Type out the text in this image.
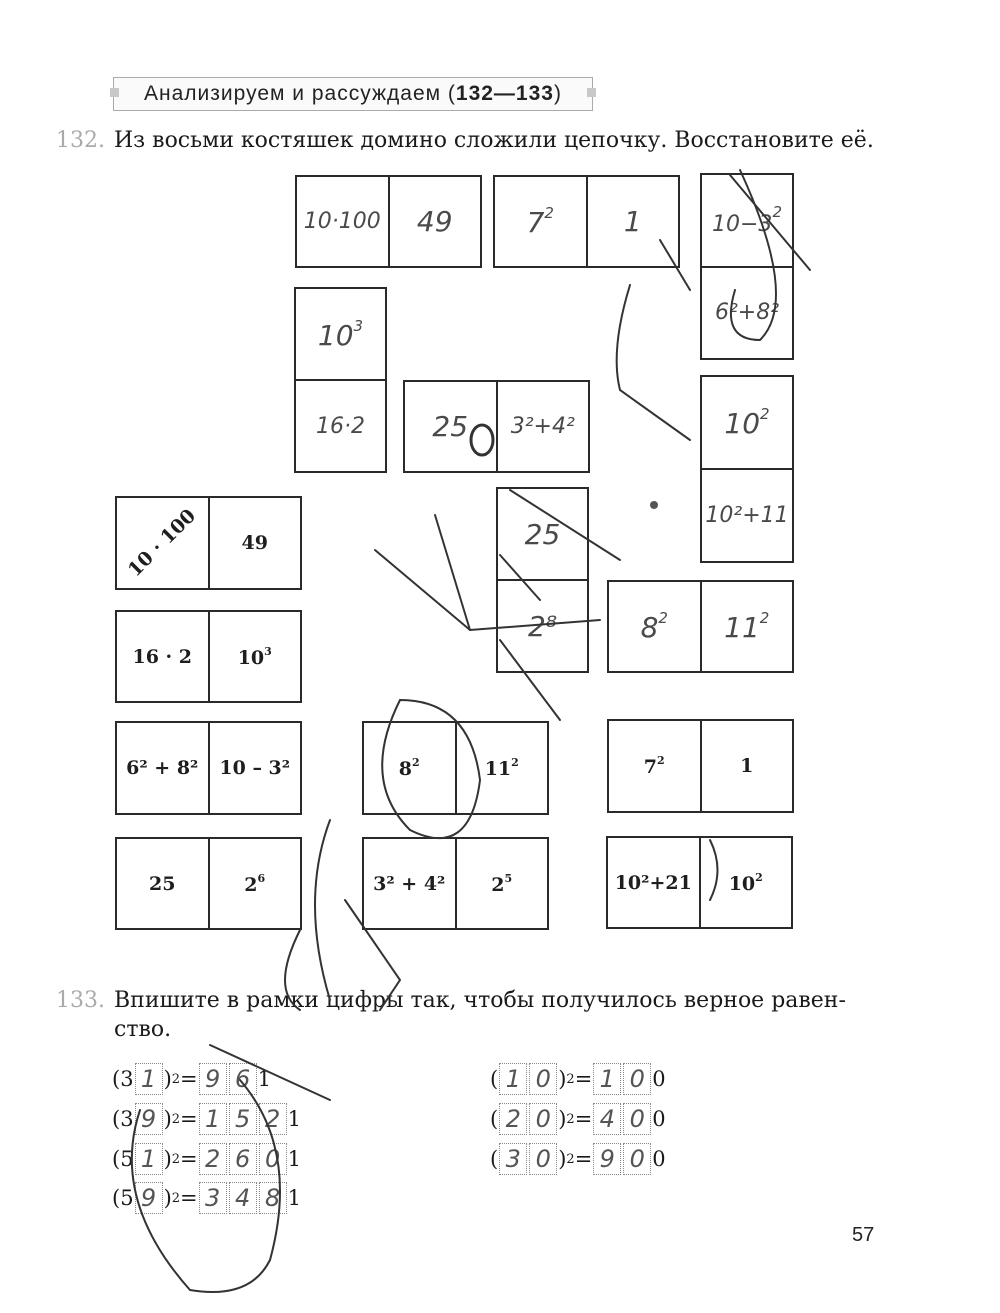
Анализируем и рассуждаем (132—133)
132. Из восьми костяшек домино сложили цепочку. Восстановите её.
10·100 49	$7^2$ 1	$10-3^2$
6²+8²
$10^3$
16·2 25 3²+4²	$10^2$
10²+11
25
2⁸	$8^2$ $11^2$
10 · 100 49
16 · 2 $10^3$
6² + 8² 10 – 3²
25	$2^6$
$8^2$	$11^2$
3² + 4² $2^5$
$7^2$	1
10²+21 $10^2$
133. Впишите в рамки цифры так, чтобы получилось верное равен-
ство.
(3 1 ) 2 = 9 6 1
(3 9 ) 2 = 1 5 2 1
(5 1 ) 2 = 2 6 0 1
(5 9 ) 2 = 3 4 8 1
( 1 0 ) 2 = 1 0 0
( 2 0 ) 2 = 4 0 0
( 3 0 ) 2 = 9 0 0
57
